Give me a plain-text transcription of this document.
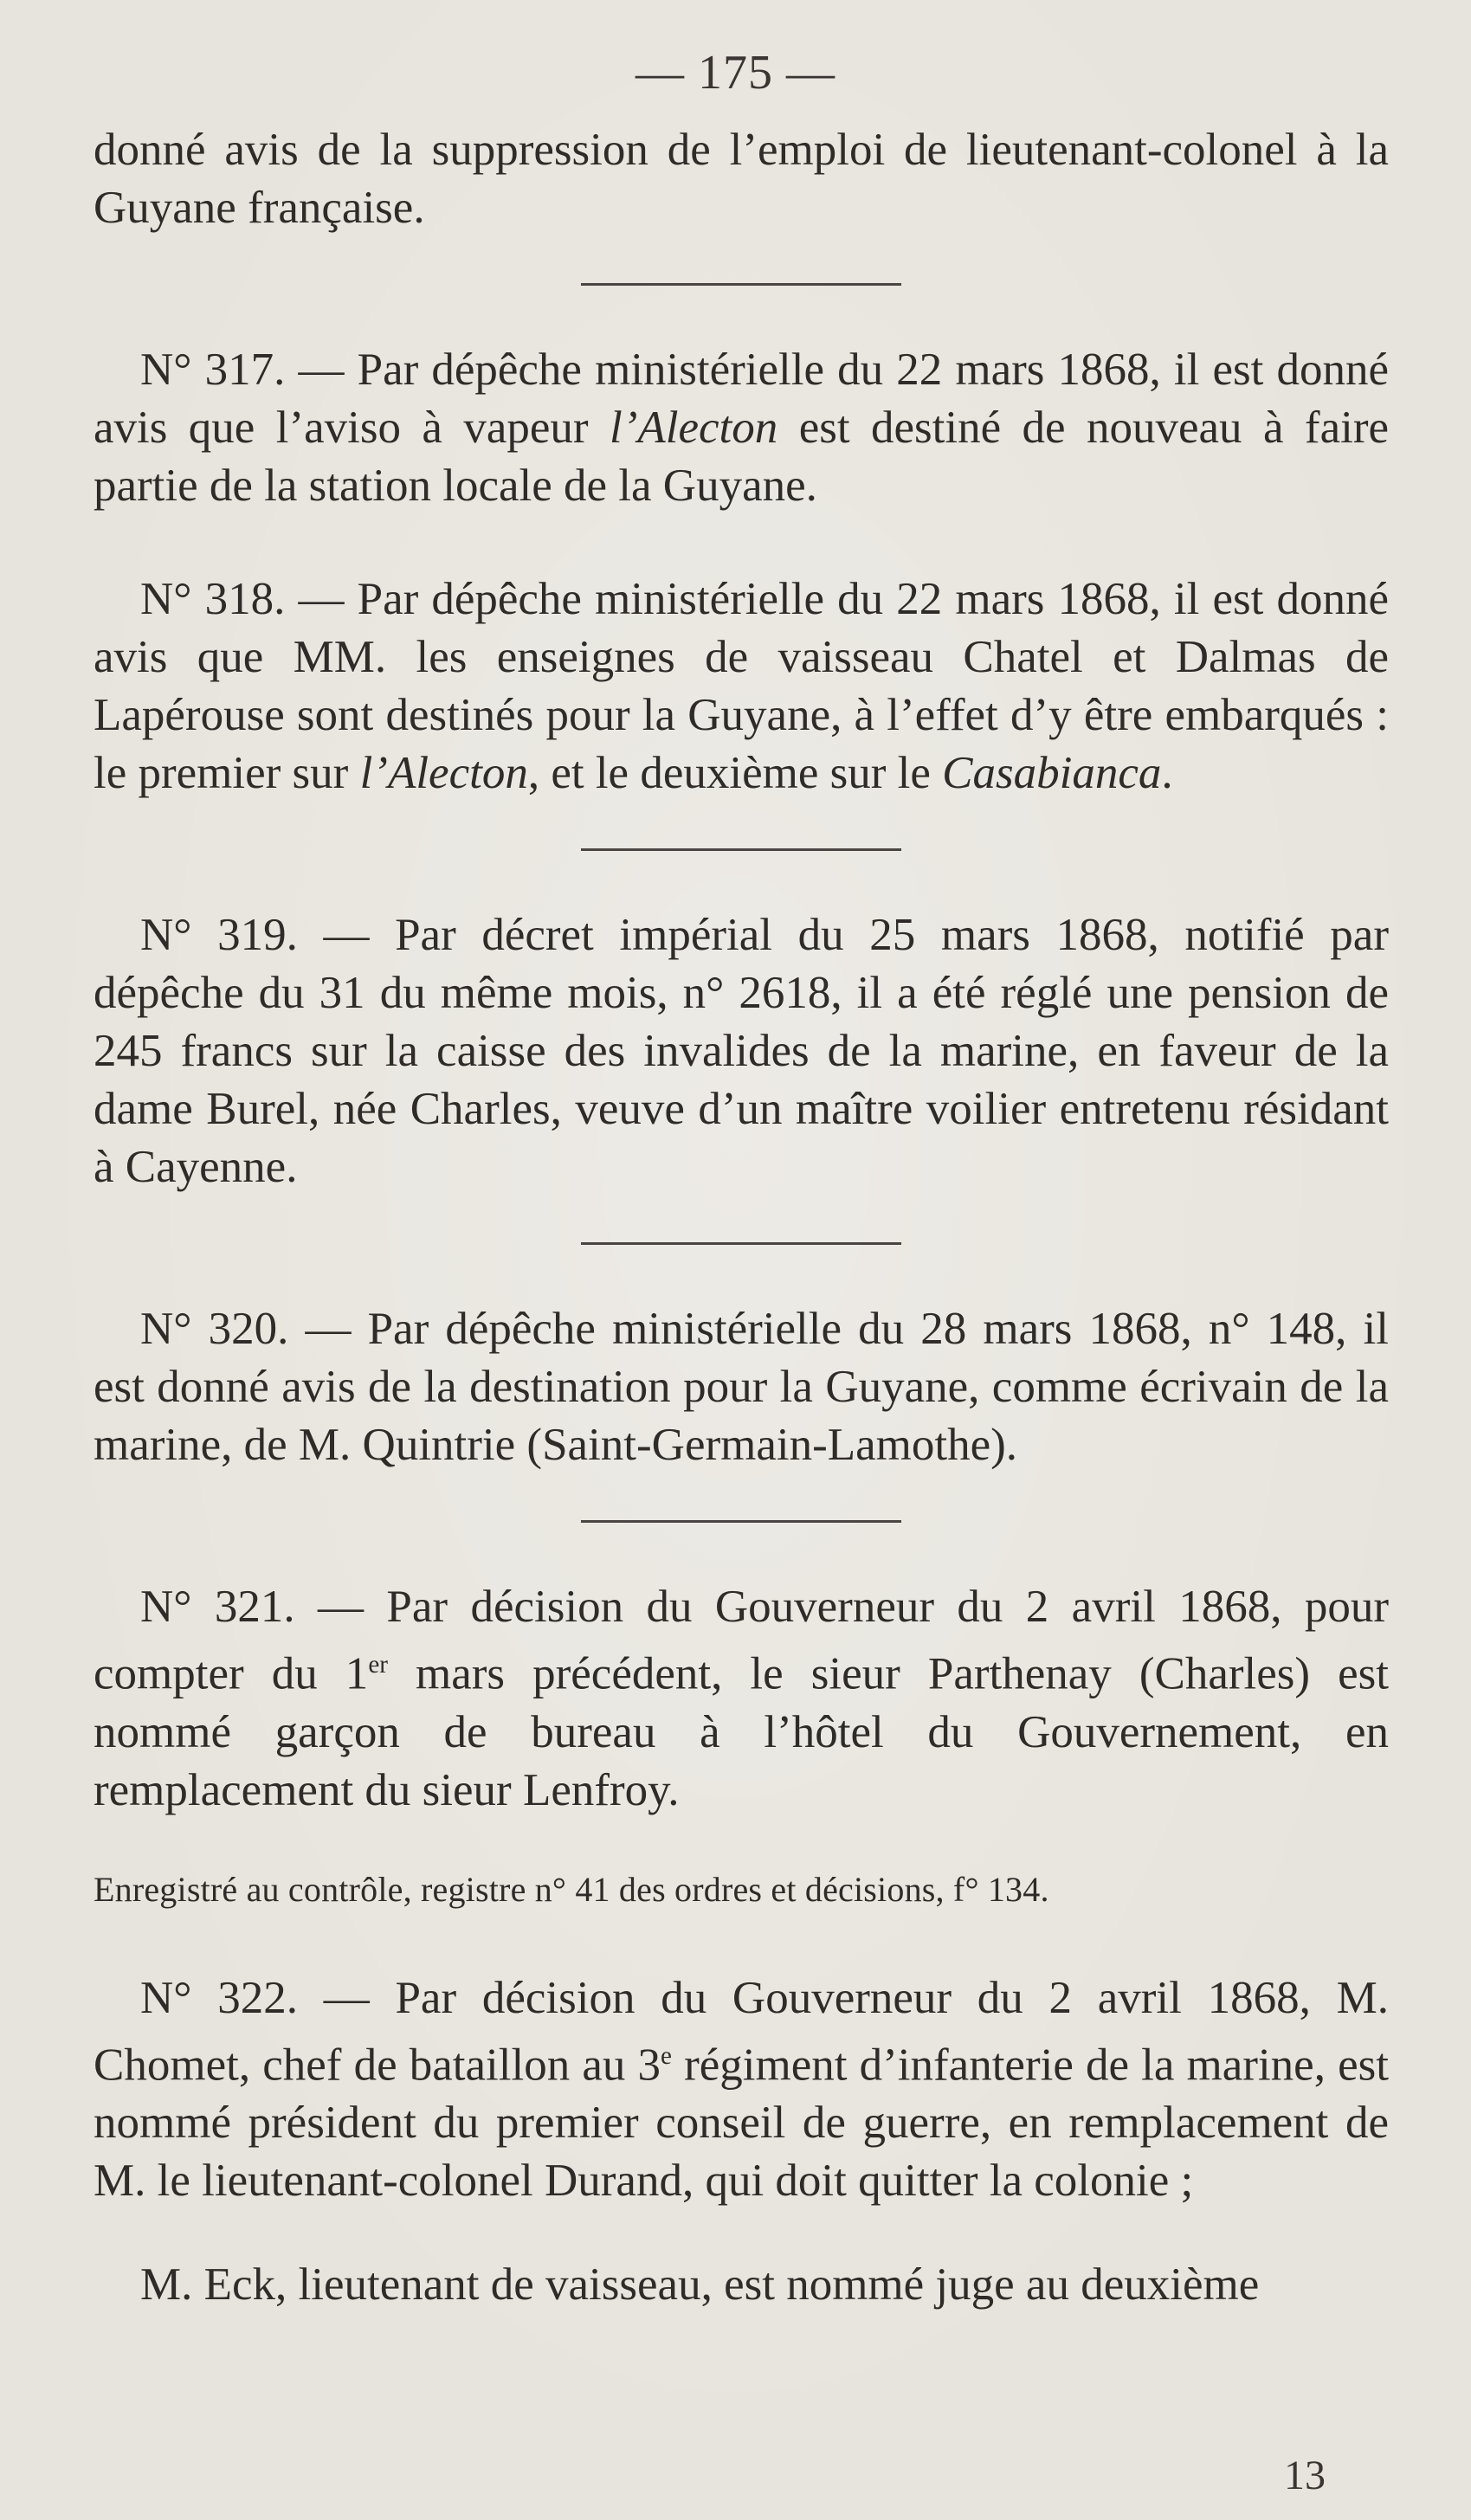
— 175 —

donné avis de la suppression de l’emploi de lieutenant-colonel à la Guyane française.

N° 317. — Par dépêche ministérielle du 22 mars 1868, il est donné avis que l’aviso à vapeur l’Alecton est destiné de nouveau à faire partie de la station locale de la Guyane.

N° 318. — Par dépêche ministérielle du 22 mars 1868, il est donné avis que MM. les enseignes de vaisseau Chatel et Dalmas de Lapérouse sont destinés pour la Guyane, à l’effet d’y être embarqués : le premier sur l’Alecton, et le deuxième sur le Casabianca.

N° 319. — Par décret impérial du 25 mars 1868, notifié par dépêche du 31 du même mois, n° 2618, il a été réglé une pension de 245 francs sur la caisse des invalides de la marine, en faveur de la dame Burel, née Charles, veuve d’un maître voilier entretenu résidant à Cayenne.

N° 320. — Par dépêche ministérielle du 28 mars 1868, n° 148, il est donné avis de la destination pour la Guyane, comme écrivain de la marine, de M. Quintrie (Saint-Germain-Lamothe).

N° 321. — Par décision du Gouverneur du 2 avril 1868, pour compter du 1er mars précédent, le sieur Parthenay (Charles) est nommé garçon de bureau à l’hôtel du Gouvernement, en remplacement du sieur Lenfroy.

Enregistré au contrôle, registre n° 41 des ordres et décisions, f° 134.

N° 322. — Par décision du Gouverneur du 2 avril 1868, M. Chomet, chef de bataillon au 3e régiment d’infanterie de la marine, est nommé président du premier conseil de guerre, en remplacement de M. le lieutenant-colonel Durand, qui doit quitter la colonie ;

M. Eck, lieutenant de vaisseau, est nommé juge au deuxième

13
